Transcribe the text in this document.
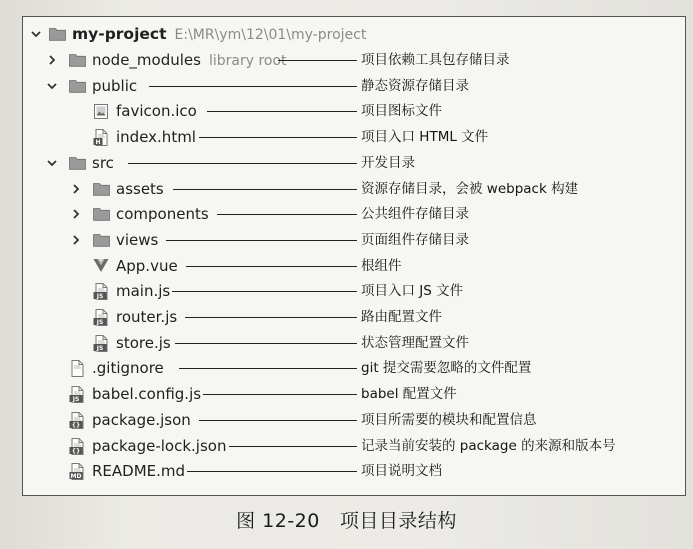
my-project E:\MR\ym\12\01\my-project
node_modules library root	项目依赖工具包存储目录
public	静态资源存储目录
favicon.ico	项目图标文件
H index.html	项目入口 HTML 文件
src	开发目录
assets	资源存储目录，会被 webpack 构建
components	公共组件存储目录
views	页面组件存储目录
App.vue	根组件
JS main.js	项目入口 JS 文件
JS router.js	路由配置文件
JS store.js	状态管理配置文件
.gitignore	git 提交需要忽略的文件配置
JS babel.config.js	babel 配置文件
{} package.json	项目所需要的模块和配置信息
{} package-lock.json	记录当前安装的 package 的来源和版本号
MD README.md	项目说明文档
图 12-20 项目目录结构
